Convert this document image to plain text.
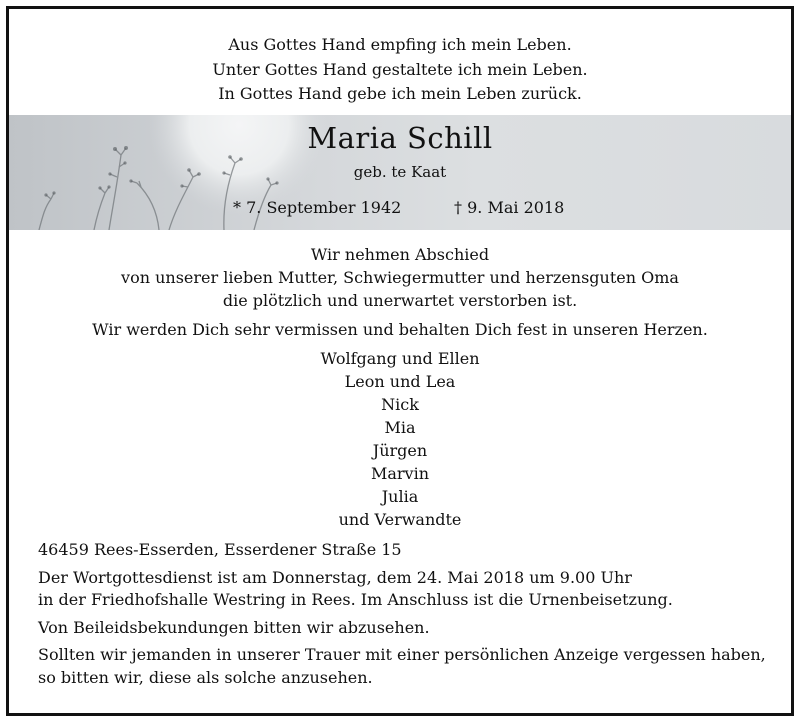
Aus Gottes Hand empfing ich mein Leben.
Unter Gottes Hand gestaltete ich mein Leben.
In Gottes Hand gebe ich mein Leben zurück.
Maria Schill
geb. te Kaat
* 7. September 1942	† 9. Mai 2018
Wir nehmen Abschied
von unserer lieben Mutter, Schwiegermutter und herzensguten Oma
die plötzlich und unerwartet verstorben ist.
Wir werden Dich sehr vermissen und behalten Dich fest in unseren Herzen.
Wolfgang und Ellen
Leon und Lea
Nick
Mia
Jürgen
Marvin
Julia
und Verwandte
46459 Rees-Esserden, Esserdener Straße 15
Der Wortgottesdienst ist am Donnerstag, dem 24. Mai 2018 um 9.00 Uhr
in der Friedhofshalle Westring in Rees. Im Anschluss ist die Urnenbeisetzung.
Von Beileidsbekundungen bitten wir abzusehen.
Sollten wir jemanden in unserer Trauer mit einer persönlichen Anzeige vergessen haben,
so bitten wir, diese als solche anzusehen.
